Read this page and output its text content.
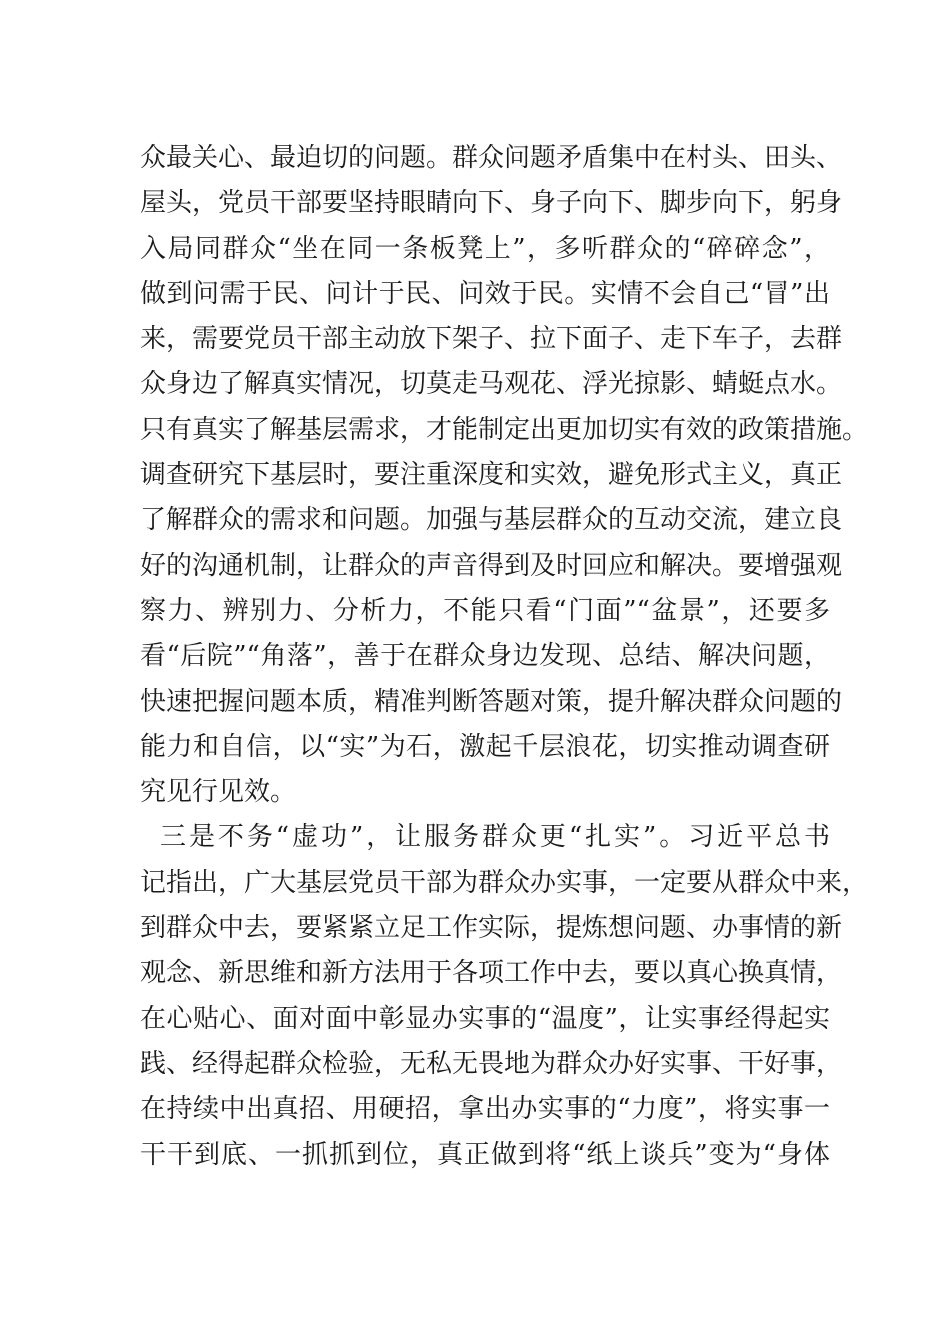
众最关心、最迫切的问题。群众问题矛盾集中在村头、田头、
屋头，党员干部要坚持眼睛向下、身子向下、脚步向下，躬身
入局同群众“坐在同一条板凳上”，多听群众的“碎碎念”，
做到问需于民、问计于民、问效于民。实情不会自己“冒”出
来，需要党员干部主动放下架子、拉下面子、走下车子，去群
众身边了解真实情况，切莫走马观花、浮光掠影、蜻蜓点水。
只有真实了解基层需求，才能制定出更加切实有效的政策措施。
调查研究下基层时，要注重深度和实效，避免形式主义，真正
了解群众的需求和问题。加强与基层群众的互动交流，建立良
好的沟通机制，让群众的声音得到及时回应和解决。要增强观
察力、辨别力、分析力，不能只看“门面”“盆景”，还要多
看“后院”“角落”，善于在群众身边发现、总结、解决问题，
快速把握问题本质，精准判断答题对策，提升解决群众问题的
能力和自信，以“实”为石，激起千层浪花，切实推动调查研
究见行见效。
三是不务“虚功”，让服务群众更“扎实”。习近平总书
记指出，广大基层党员干部为群众办实事，一定要从群众中来，
到群众中去，要紧紧立足工作实际，提炼想问题、办事情的新
观念、新思维和新方法用于各项工作中去，要以真心换真情，
在心贴心、面对面中彰显办实事的“温度”，让实事经得起实
践、经得起群众检验，无私无畏地为群众办好实事、干好事，
在持续中出真招、用硬招，拿出办实事的“力度”，将实事一
干干到底、一抓抓到位，真正做到将“纸上谈兵”变为“身体
